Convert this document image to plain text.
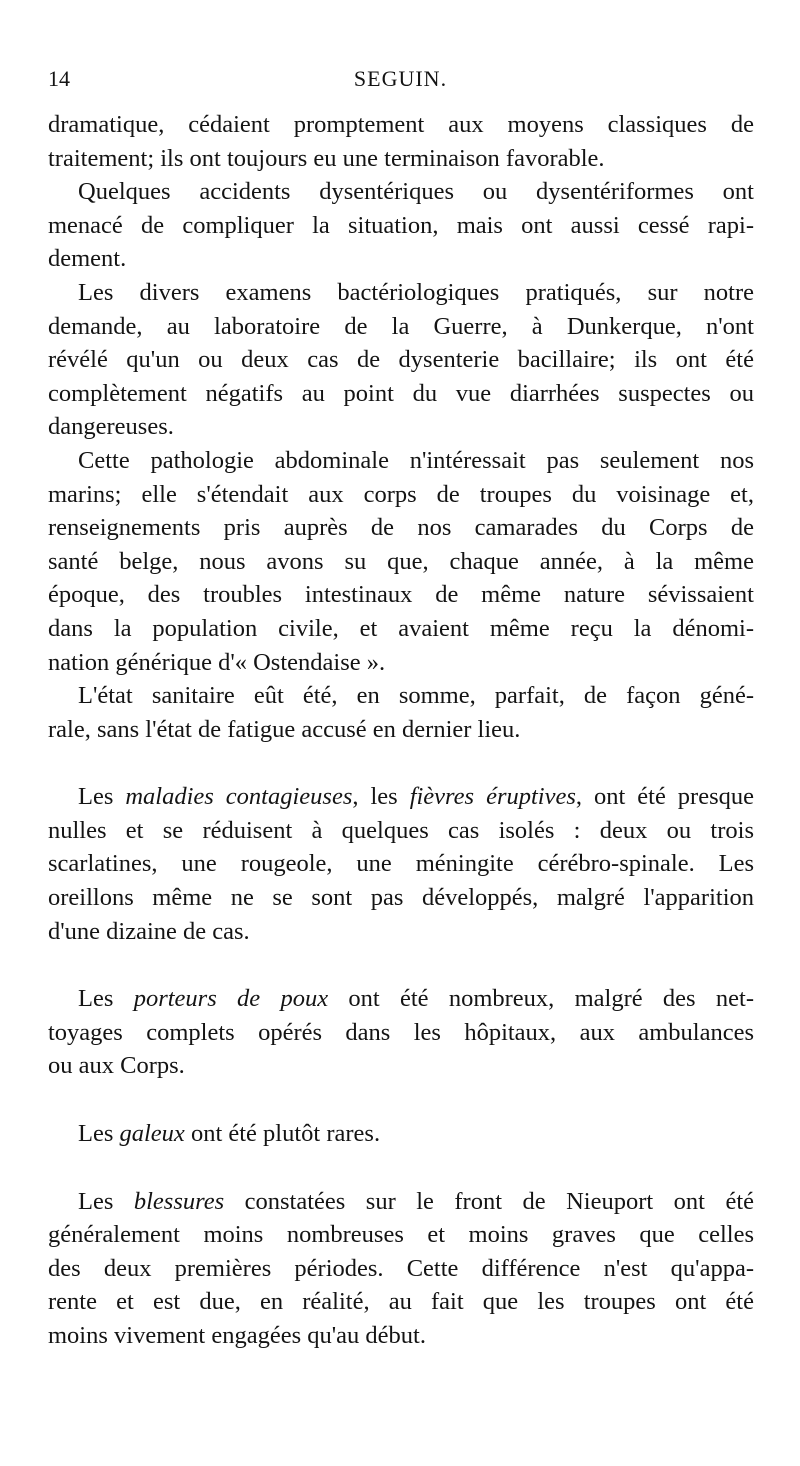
14	SEGUIN.
dramatique, cédaient promptement aux moyens classiques de
traitement; ils ont toujours eu une terminaison favorable.
Quelques accidents dysentériques ou dysentériformes ont
menacé de compliquer la situation, mais ont aussi cessé rapi-
dement.
Les divers examens bactériologiques pratiqués, sur notre
demande, au laboratoire de la Guerre, à Dunkerque, n'ont
révélé qu'un ou deux cas de dysenterie bacillaire; ils ont été
complètement négatifs au point du vue diarrhées suspectes ou
dangereuses.
Cette pathologie abdominale n'intéressait pas seulement nos
marins; elle s'étendait aux corps de troupes du voisinage et,
renseignements pris auprès de nos camarades du Corps de
santé belge, nous avons su que, chaque année, à la même
époque, des troubles intestinaux de même nature sévissaient
dans la population civile, et avaient même reçu la dénomi-
nation générique d'« Ostendaise ».
L'état sanitaire eût été, en somme, parfait, de façon géné-
rale, sans l'état de fatigue accusé en dernier lieu.
Les maladies contagieuses, les fièvres éruptives, ont été presque
nulles et se réduisent à quelques cas isolés : deux ou trois
scarlatines, une rougeole, une méningite cérébro-spinale. Les
oreillons même ne se sont pas développés, malgré l'apparition
d'une dizaine de cas.
Les porteurs de poux ont été nombreux, malgré des net-
toyages complets opérés dans les hôpitaux, aux ambulances
ou aux Corps.
Les galeux ont été plutôt rares.
Les blessures constatées sur le front de Nieuport ont été
généralement moins nombreuses et moins graves que celles
des deux premières périodes. Cette différence n'est qu'appa-
rente et est due, en réalité, au fait que les troupes ont été
moins vivement engagées qu'au début.
